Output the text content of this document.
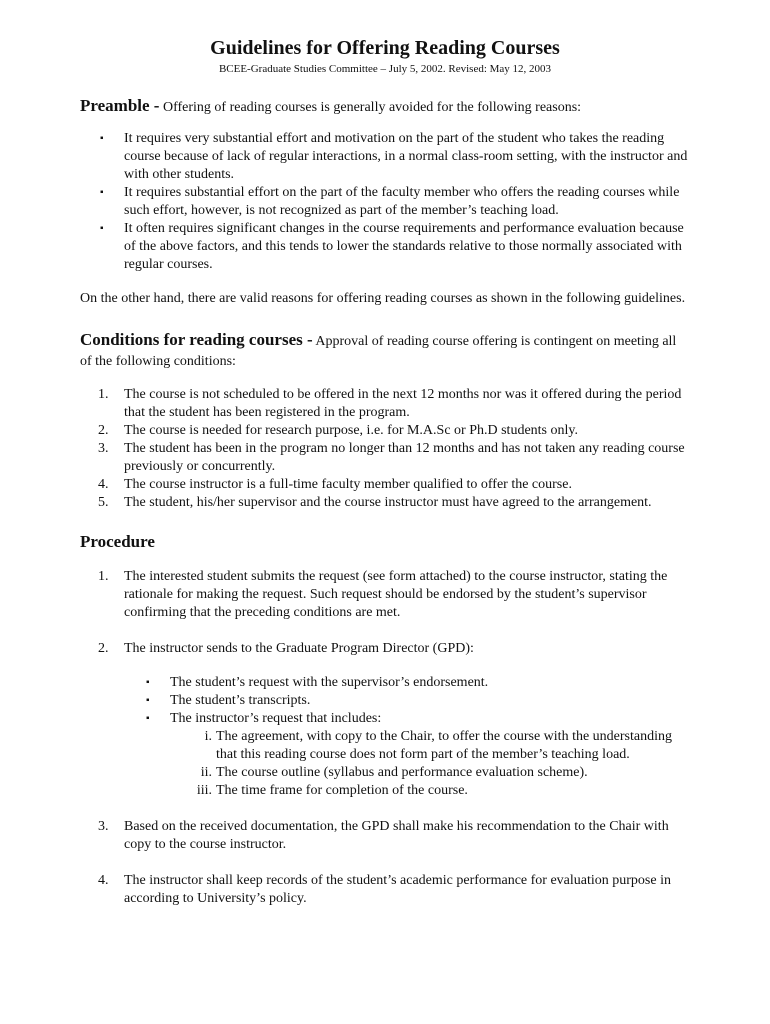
Guidelines for Offering Reading Courses

BCEE-Graduate Studies Committee – July 5, 2002. Revised: May 12, 2003

Preamble - Offering of reading courses is generally avoided for the following reasons:

▪ It requires very substantial effort and motivation on the part of the student who takes the reading course because of lack of regular interactions, in a normal class-room setting, with the instructor and with other students.
▪ It requires substantial effort on the part of the faculty member who offers the reading courses while such effort, however, is not recognized as part of the member’s teaching load.
▪ It often requires significant changes in the course requirements and performance evaluation because of the above factors, and this tends to lower the standards relative to those normally associated with regular courses.

On the other hand, there are valid reasons for offering reading courses as shown in the following guidelines.

Conditions for reading courses - Approval of reading course offering is contingent on meeting all of the following conditions:

1. The course is not scheduled to be offered in the next 12 months nor was it offered during the period that the student has been registered in the program.
2. The course is needed for research purpose, i.e. for M.A.Sc or Ph.D students only.
3. The student has been in the program no longer than 12 months and has not taken any reading course previously or concurrently.
4. The course instructor is a full-time faculty member qualified to offer the course.
5. The student, his/her supervisor and the course instructor must have agreed to the arrangement.

Procedure

1. The interested student submits the request (see form attached) to the course instructor, stating the rationale for making the request. Such request should be endorsed by the student’s supervisor confirming that the preceding conditions are met.
2. The instructor sends to the Graduate Program Director (GPD):
▪ The student’s request with the supervisor’s endorsement.
▪ The student’s transcripts.
▪ The instructor’s request that includes:
i. The agreement, with copy to the Chair, to offer the course with the understanding that this reading course does not form part of the member’s teaching load.
ii. The course outline (syllabus and performance evaluation scheme).
iii. The time frame for completion of the course.
3. Based on the received documentation, the GPD shall make his recommendation to the Chair with copy to the course instructor.
4. The instructor shall keep records of the student’s academic performance for evaluation purpose in according to University’s policy.
